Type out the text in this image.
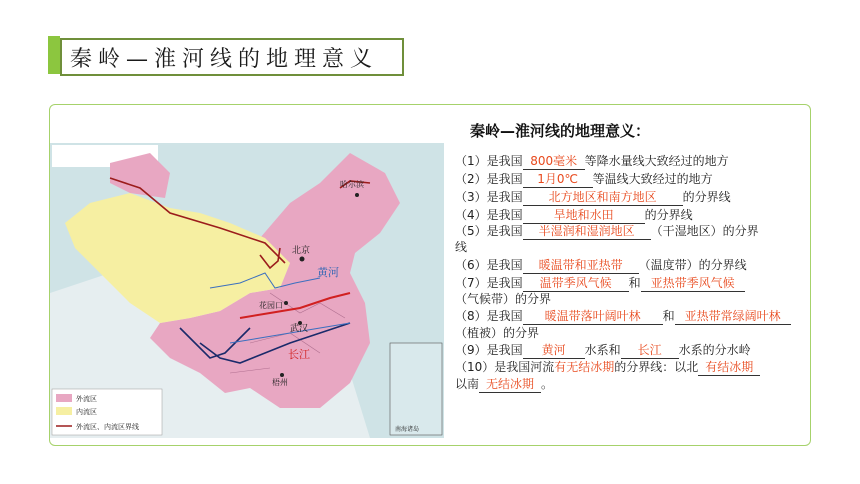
秦岭—淮河线的地理意义
哈尔滨
北京
黄河
花园口
武汉
长江
梧州
南海诸岛
外流区
内流区
外流区、内流区界线
秦岭—淮河线的地理意义：
（1）是我国 800毫米 等降水量线大致经过的地方
（2）是我国 1月0℃ 等温线大致经过的地方
（3）是我国 北方地区和南方地区 的分界线
（4）是我国	旱地和水田	的分界线
（5）是我国 半湿润和湿润地区 （干湿地区）的分界
线
（6）是我国 暖温带和亚热带 （温度带）的分界线
（7）是我国 温带季风气候 和 亚热带季风气候
（气候带）的分界
（8）是我国 暖温带落叶阔叶林 和 亚热带常绿阔叶林
（植被）的分界
（9）是我国 黄河 水系和 长江 水系的分水岭
（10）是我国河流有无结冰期的分界线：以北 有结冰期
以南 无结冰期 。
